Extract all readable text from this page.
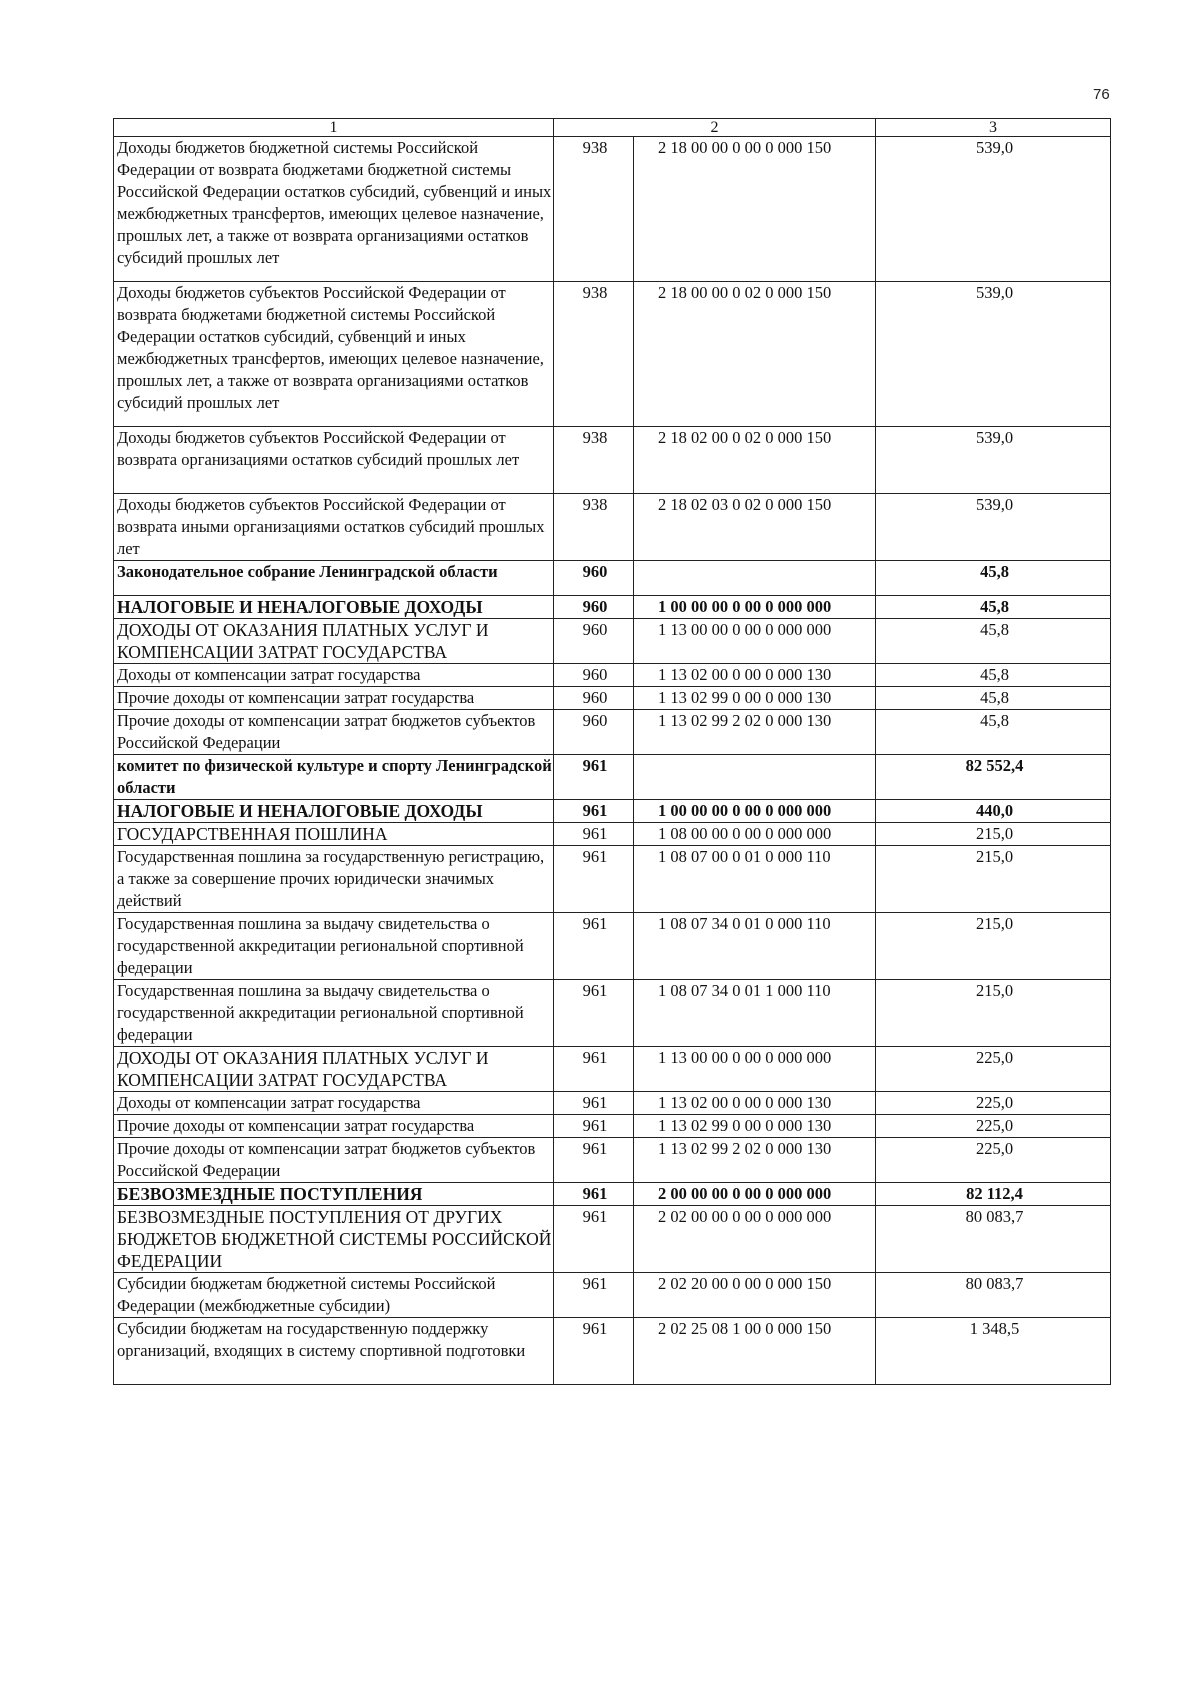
76
1	2		3
Доходы бюджетов бюджетной системы Российской Федерации от возврата бюджетами бюджетной системы Российской Федерации остатков субсидий, субвенций и иных межбюджетных трансфертов, имеющих целевое назначение, прошлых лет, а также от возврата организациями остатков субсидий прошлых лет	938	2 18 00 00 0 00 0 000 150	539,0
Доходы бюджетов субъектов Российской Федерации от возврата бюджетами бюджетной системы Российской Федерации остатков субсидий, субвенций и иных межбюджетных трансфертов, имеющих целевое назначение, прошлых лет, а также от возврата организациями остатков субсидий прошлых лет	938	2 18 00 00 0 02 0 000 150	539,0
Доходы бюджетов субъектов Российской Федерации от возврата организациями остатков субсидий прошлых лет	938	2 18 02 00 0 02 0 000 150	539,0
Доходы бюджетов субъектов Российской Федерации от возврата иными организациями остатков субсидий прошлых лет	938	2 18 02 03 0 02 0 000 150	539,0
Законодательное собрание Ленинградской области	960		45,8
НАЛОГОВЫЕ И НЕНАЛОГОВЫЕ ДОХОДЫ	960	1 00 00 00 0 00 0 000 000	45,8
ДОХОДЫ ОТ ОКАЗАНИЯ ПЛАТНЫХ УСЛУГ И КОМПЕНСАЦИИ ЗАТРАТ ГОСУДАРСТВА	960	1 13 00 00 0 00 0 000 000	45,8
Доходы от компенсации затрат государства	960	1 13 02 00 0 00 0 000 130	45,8
Прочие доходы от компенсации затрат государства	960	1 13 02 99 0 00 0 000 130	45,8
Прочие доходы от компенсации затрат бюджетов субъектов Российской Федерации	960	1 13 02 99 2 02 0 000 130	45,8
комитет по физической культуре и спорту Ленинградской области	961		82 552,4
НАЛОГОВЫЕ И НЕНАЛОГОВЫЕ ДОХОДЫ	961	1 00 00 00 0 00 0 000 000	440,0
ГОСУДАРСТВЕННАЯ ПОШЛИНА	961	1 08 00 00 0 00 0 000 000	215,0
Государственная пошлина за государственную регистрацию, а также за совершение прочих юридически значимых действий	961	1 08 07 00 0 01 0 000 110	215,0
Государственная пошлина за выдачу свидетельства о государственной аккредитации региональной спортивной федерации	961	1 08 07 34 0 01 0 000 110	215,0
Государственная пошлина за выдачу свидетельства о государственной аккредитации региональной спортивной федерации	961	1 08 07 34 0 01 1 000 110	215,0
ДОХОДЫ ОТ ОКАЗАНИЯ ПЛАТНЫХ УСЛУГ И КОМПЕНСАЦИИ ЗАТРАТ ГОСУДАРСТВА	961	1 13 00 00 0 00 0 000 000	225,0
Доходы от компенсации затрат государства	961	1 13 02 00 0 00 0 000 130	225,0
Прочие доходы от компенсации затрат государства	961	1 13 02 99 0 00 0 000 130	225,0
Прочие доходы от компенсации затрат бюджетов субъектов Российской Федерации	961	1 13 02 99 2 02 0 000 130	225,0
БЕЗВОЗМЕЗДНЫЕ ПОСТУПЛЕНИЯ	961	2 00 00 00 0 00 0 000 000	82 112,4
БЕЗВОЗМЕЗДНЫЕ ПОСТУПЛЕНИЯ ОТ ДРУГИХ БЮДЖЕТОВ БЮДЖЕТНОЙ СИСТЕМЫ РОССИЙСКОЙ ФЕДЕРАЦИИ	961	2 02 00 00 0 00 0 000 000	80 083,7
Субсидии бюджетам бюджетной системы Российской Федерации (межбюджетные субсидии)	961	2 02 20 00 0 00 0 000 150	80 083,7
Субсидии бюджетам на государственную поддержку организаций, входящих в систему спортивной подготовки	961	2 02 25 08 1 00 0 000 150	1 348,5
